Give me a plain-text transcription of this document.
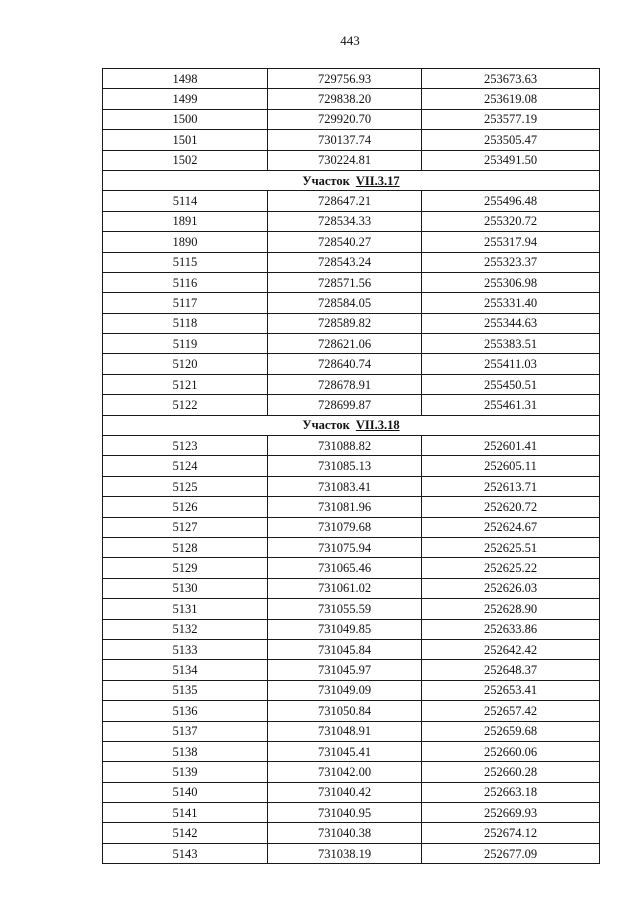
443
1498	729756.93	253673.63
1499	729838.20	253619.08
1500	729920.70	253577.19
1501	730137.74	253505.47
1502	730224.81	253491.50
Участок VII.3.17		
5114	728647.21	255496.48
1891	728534.33	255320.72
1890	728540.27	255317.94
5115	728543.24	255323.37
5116	728571.56	255306.98
5117	728584.05	255331.40
5118	728589.82	255344.63
5119	728621.06	255383.51
5120	728640.74	255411.03
5121	728678.91	255450.51
5122	728699.87	255461.31
Участок VII.3.18		
5123	731088.82	252601.41
5124	731085.13	252605.11
5125	731083.41	252613.71
5126	731081.96	252620.72
5127	731079.68	252624.67
5128	731075.94	252625.51
5129	731065.46	252625.22
5130	731061.02	252626.03
5131	731055.59	252628.90
5132	731049.85	252633.86
5133	731045.84	252642.42
5134	731045.97	252648.37
5135	731049.09	252653.41
5136	731050.84	252657.42
5137	731048.91	252659.68
5138	731045.41	252660.06
5139	731042.00	252660.28
5140	731040.42	252663.18
5141	731040.95	252669.93
5142	731040.38	252674.12
5143	731038.19	252677.09
